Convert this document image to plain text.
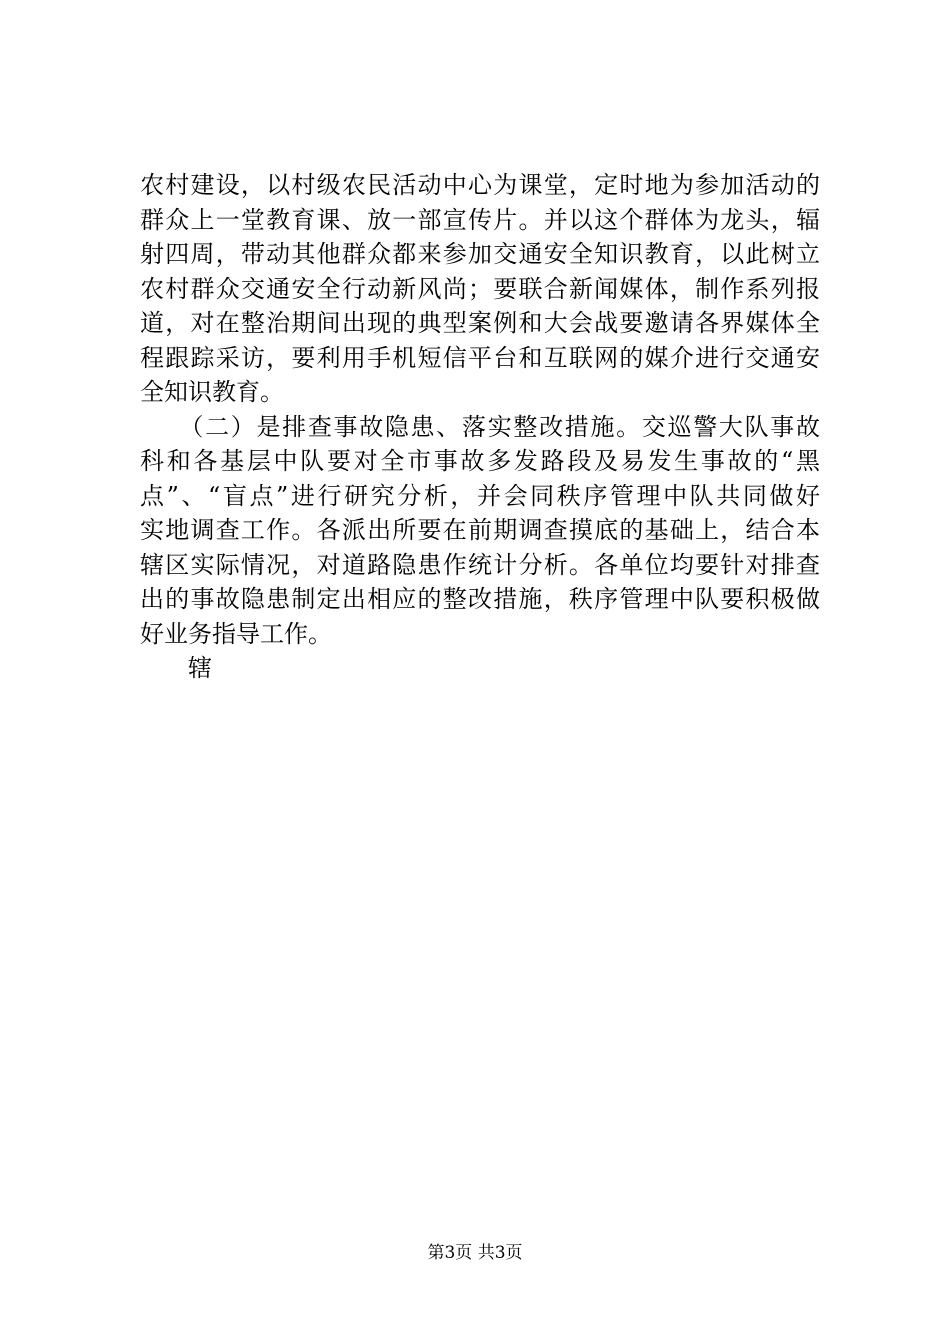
农村建设，以村级农民活动中心为课堂，定时地为参加活动的
群众上一堂教育课、放一部宣传片。并以这个群体为龙头，辐
射四周，带动其他群众都来参加交通安全知识教育，以此树立
农村群众交通安全行动新风尚；要联合新闻媒体，制作系列报
道，对在整治期间出现的典型案例和大会战要邀请各界媒体全
程跟踪采访，要利用手机短信平台和互联网的媒介进行交通安
全知识教育。
　　（二）是排查事故隐患、落实整改措施。交巡警大队事故
科和各基层中队要对全市事故多发路段及易发生事故的“黑
点”、“盲点”进行研究分析，并会同秩序管理中队共同做好
实地调查工作。各派出所要在前期调查摸底的基础上，结合本
辖区实际情况，对道路隐患作统计分析。各单位均要针对排查
出的事故隐患制定出相应的整改措施，秩序管理中队要积极做
好业务指导工作。
　　辖
第3页 共3页
